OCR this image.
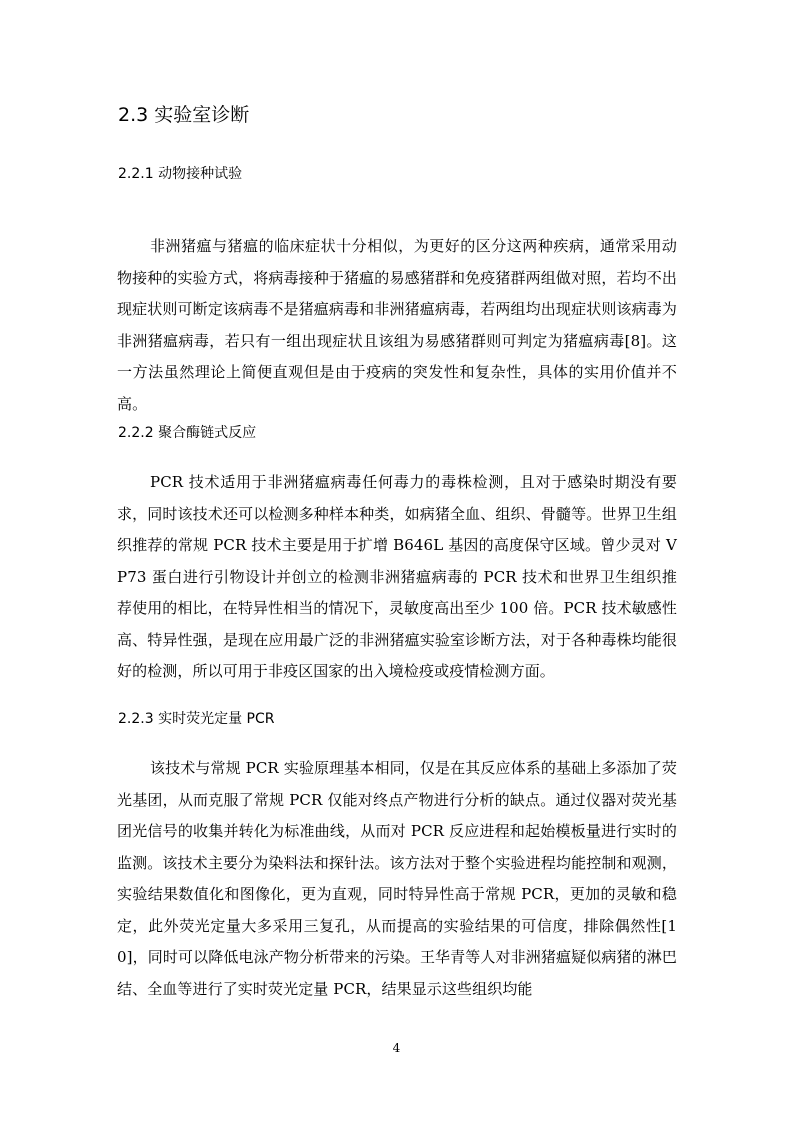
2.3 实验室诊断
2.2.1 动物接种试验

非洲猪瘟与猪瘟的临床症状十分相似，为更好的区分这两种疾病，通常采用动物接种的实验方式，将病毒接种于猪瘟的易感猪群和免疫猪群两组做对照，若均不出现症状则可断定该病毒不是猪瘟病毒和非洲猪瘟病毒，若两组均出现症状则该病毒为非洲猪瘟病毒，若只有一组出现症状且该组为易感猪群则可判定为猪瘟病毒[8]。这一方法虽然理论上简便直观但是由于疫病的突发性和复杂性，具体的实用价值并不高。

2.2.2 聚合酶链式反应

PCR 技术适用于非洲猪瘟病毒任何毒力的毒株检测，且对于感染时期没有要求，同时该技术还可以检测多种样本种类，如病猪全血、组织、骨髓等。世界卫生组织推荐的常规 PCR 技术主要是用于扩增 B646L 基因的高度保守区域。曾少灵对 VP73 蛋白进行引物设计并创立的检测非洲猪瘟病毒的 PCR 技术和世界卫生组织推荐使用的相比，在特异性相当的情况下，灵敏度高出至少 100 倍。PCR 技术敏感性高、特异性强，是现在应用最广泛的非洲猪瘟实验室诊断方法，对于各种毒株均能很好的检测，所以可用于非疫区国家的出入境检疫或疫情检测方面。

2.2.3 实时荧光定量 PCR

该技术与常规 PCR 实验原理基本相同，仅是在其反应体系的基础上多添加了荧光基团，从而克服了常规 PCR 仅能对终点产物进行分析的缺点。通过仪器对荧光基团光信号的收集并转化为标准曲线，从而对 PCR 反应进程和起始模板量进行实时的监测。该技术主要分为染料法和探针法。该方法对于整个实验进程均能控制和观测，实验结果数值化和图像化，更为直观，同时特异性高于常规 PCR，更加的灵敏和稳定，此外荧光定量大多采用三复孔，从而提高的实验结果的可信度，排除偶然性[10]，同时可以降低电泳产物分析带来的污染。王华青等人对非洲猪瘟疑似病猪的淋巴结、全血等进行了实时荧光定量 PCR，结果显示这些组织均能

4
